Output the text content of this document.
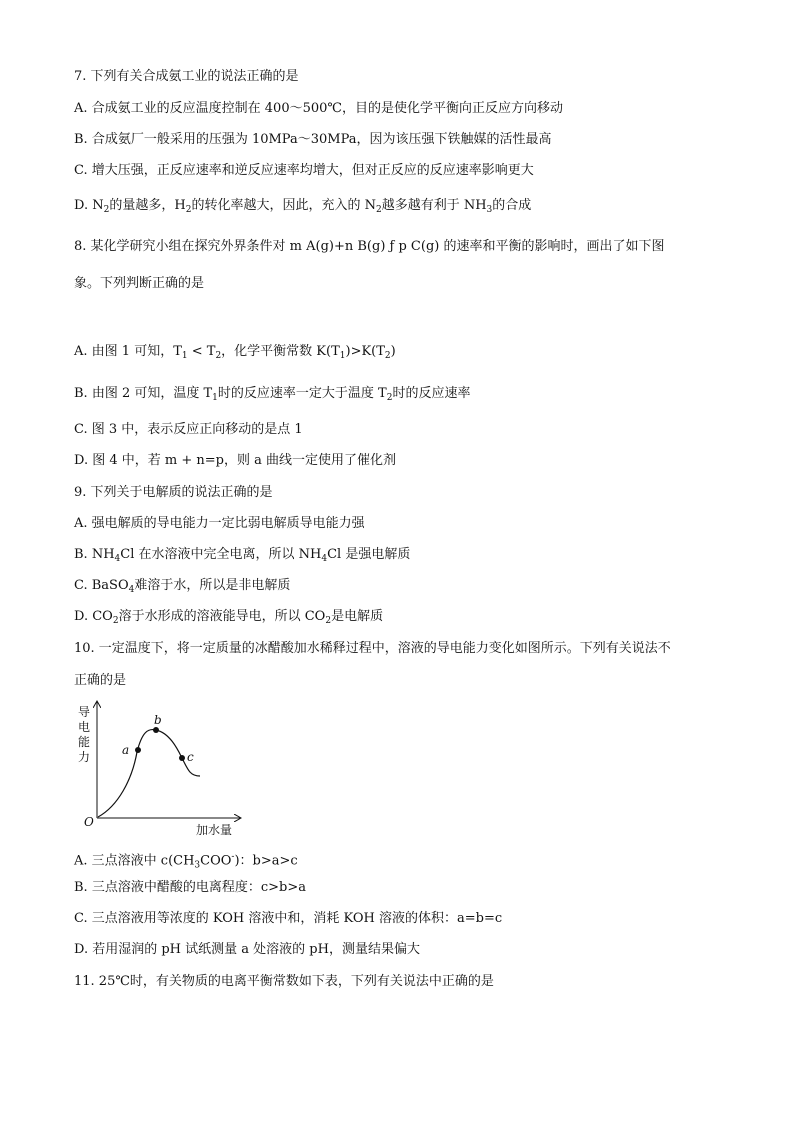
7. 下列有关合成氨工业的说法正确的是
A. 合成氨工业的反应温度控制在 400～500℃，目的是使化学平衡向正反应方向移动
B. 合成氨厂一般采用的压强为 10MPa～30MPa，因为该压强下铁触媒的活性最高
C. 增大压强，正反应速率和逆反应速率均增大，但对正反应的反应速率影响更大
D. $N_2$的量越多，$H_2$的转化率越大，因此，充入的 $N_2$越多越有利于 $NH_3$的合成
8. 某化学研究小组在探究外界条件对 m A(g)+n B(g) ƒ p C(g) 的速率和平衡的影响时，画出了如下图
象。下列判断正确的是
A. 由图 1 可知，$T_1 < T_2$，化学平衡常数 $K(T_1)>K(T_2)$
B. 由图 2 可知，温度 $T_1$时的反应速率一定大于温度 $T_2$时的反应速率
C. 图 3 中，表示反应正向移动的是点 1
D. 图 4 中，若 m + n=p，则 a 曲线一定使用了催化剂
9. 下列关于电解质的说法正确的是
A. 强电解质的导电能力一定比弱电解质导电能力强
B. $NH_4Cl$ 在水溶液中完全电离，所以 $NH_4Cl$ 是强电解质
C. BaSO$_4$难溶于水，所以是非电解质
D. $CO_2$溶于水形成的溶液能导电，所以 $CO_2$是电解质
10. 一定温度下，将一定质量的冰醋酸加水稀释过程中，溶液的导电能力变化如图所示。下列有关说法不
正确的是
a
b
c
O
导
电
能
力
加水量
A. 三点溶液中 $c(CH_3COO^-)$：b>a>c
B. 三点溶液中醋酸的电离程度：c>b>a
C. 三点溶液用等浓度的 KOH 溶液中和，消耗 KOH 溶液的体积：a=b=c
D. 若用湿润的 pH 试纸测量 a 处溶液的 pH，测量结果偏大
11. 25℃时，有关物质的电离平衡常数如下表，下列有关说法中正确的是
